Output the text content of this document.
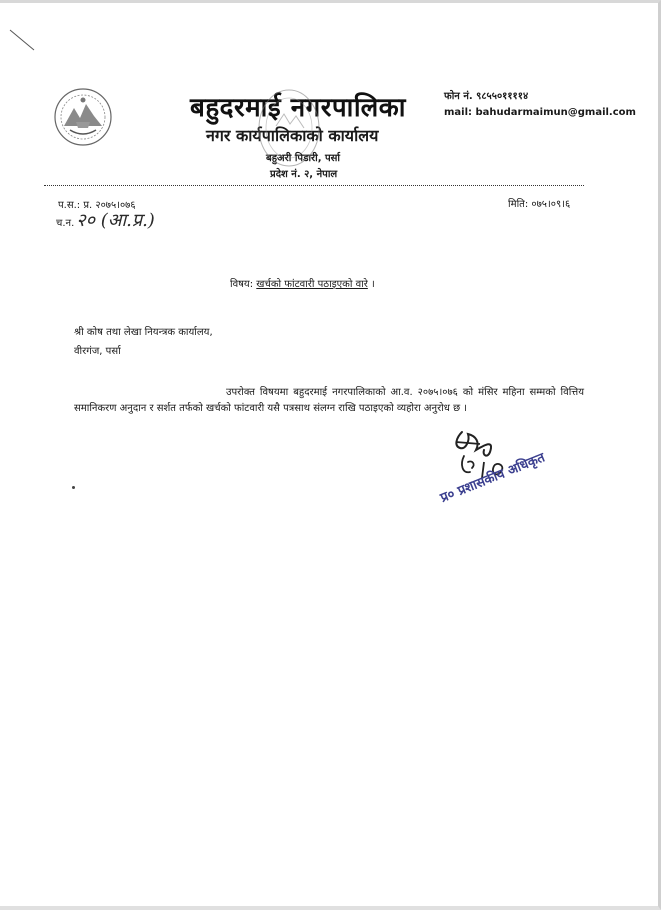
बहुदरमाई नगरपालिका
नगर कार्यपालिकाको कार्यालय
बहुअरी पिडारी, पर्सा
प्रदेश नं. २, नेपाल
फोन नं. ९८५५०११११४
mail: bahudarmaimun@gmail.com
प.स.: प्र. २०७५।०७६
च.न. २० (आ.प्र.)
मिति: ०७५।०९।६
विषय: खर्चको फांटवारी पठाइएको वारे ।
श्री कोष तथा लेखा नियन्त्रक कार्यालय,
वीरगंज, पर्सा
उपरोक्त विषयमा बहुदरमाई नगरपालिकाको आ.व. २०७५।०७६ को मंसिर महिना सम्मको वित्तिय समानिकरण अनुदान र सर्शत तर्फको खर्चको फांटवारी यसै पत्रसाथ संलग्न राखि पठाइएको व्यहोरा अनुरोध छ ।
प्र० प्रशासकीय अधिकृत
